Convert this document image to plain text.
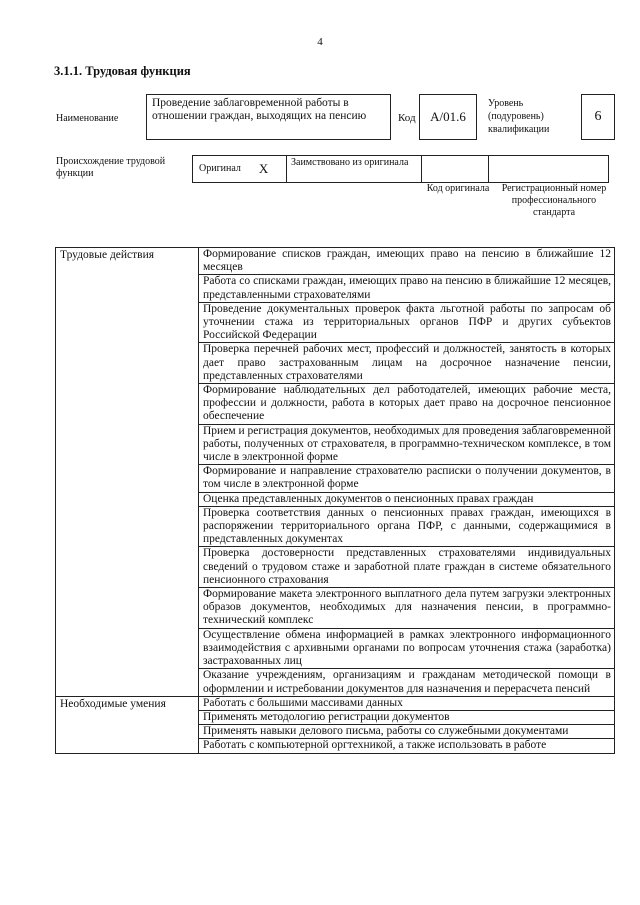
4
3.1.1. Трудовая функция
Наименование
Проведение заблаговременной работы в отношении граждан, выходящих на пенсию	Код	А/01.6
Уровень (подуровень) квалификации
6
Происхождение трудовой функции	Оригинал Х	Заимствовано из оригинала
Код оригинала	Регистрационный номер профессионального стандарта
Трудовые действия	Формирование списков граждан, имеющих право на пенсию в ближайшие 12 месяцев
	Работа со списками граждан, имеющих право на пенсию в ближайшие 12 месяцев, представленными страхователями
	Проведение документальных проверок факта льготной работы по запросам об уточнении стажа из территориальных органов ПФР и других субъектов Российской Федерации
	Проверка перечней рабочих мест, профессий и должностей, занятость в которых дает право застрахованным лицам на досрочное назначение пенсии, представленных страхователями
	Формирование наблюдательных дел работодателей, имеющих рабочие места, профессии и должности, работа в которых дает право на досрочное пенсионное обеспечение
	Прием и регистрация документов, необходимых для проведения заблаговременной работы, полученных от страхователя, в программно-техническом комплексе, в том числе в электронной форме
	Формирование и направление страхователю расписки о получении документов, в том числе в электронной форме
	Оценка представленных документов о пенсионных правах граждан
	Проверка соответствия данных о пенсионных правах граждан, имеющихся в распоряжении территориального органа ПФР, с данными, содержащимися в представленных документах
	Проверка достоверности представленных страхователями индивидуальных сведений о трудовом стаже и заработной плате граждан в системе обязательного пенсионного страхования
	Формирование макета электронного выплатного дела путем загрузки электронных образов документов, необходимых для назначения пенсии, в программно-технический комплекс
	Осуществление обмена информацией в рамках электронного информационного взаимодействия с архивными органами по вопросам уточнения стажа (заработка) застрахованных лиц
	Оказание учреждениям, организациям и гражданам методической помощи в оформлении и истребовании документов для назначения и перерасчета пенсий
Необходимые умения	Работать с большими массивами данных
	Применять методологию регистрации документов
	Применять навыки делового письма, работы со служебными документами
	Работать с компьютерной оргтехникой, а также использовать в работе
